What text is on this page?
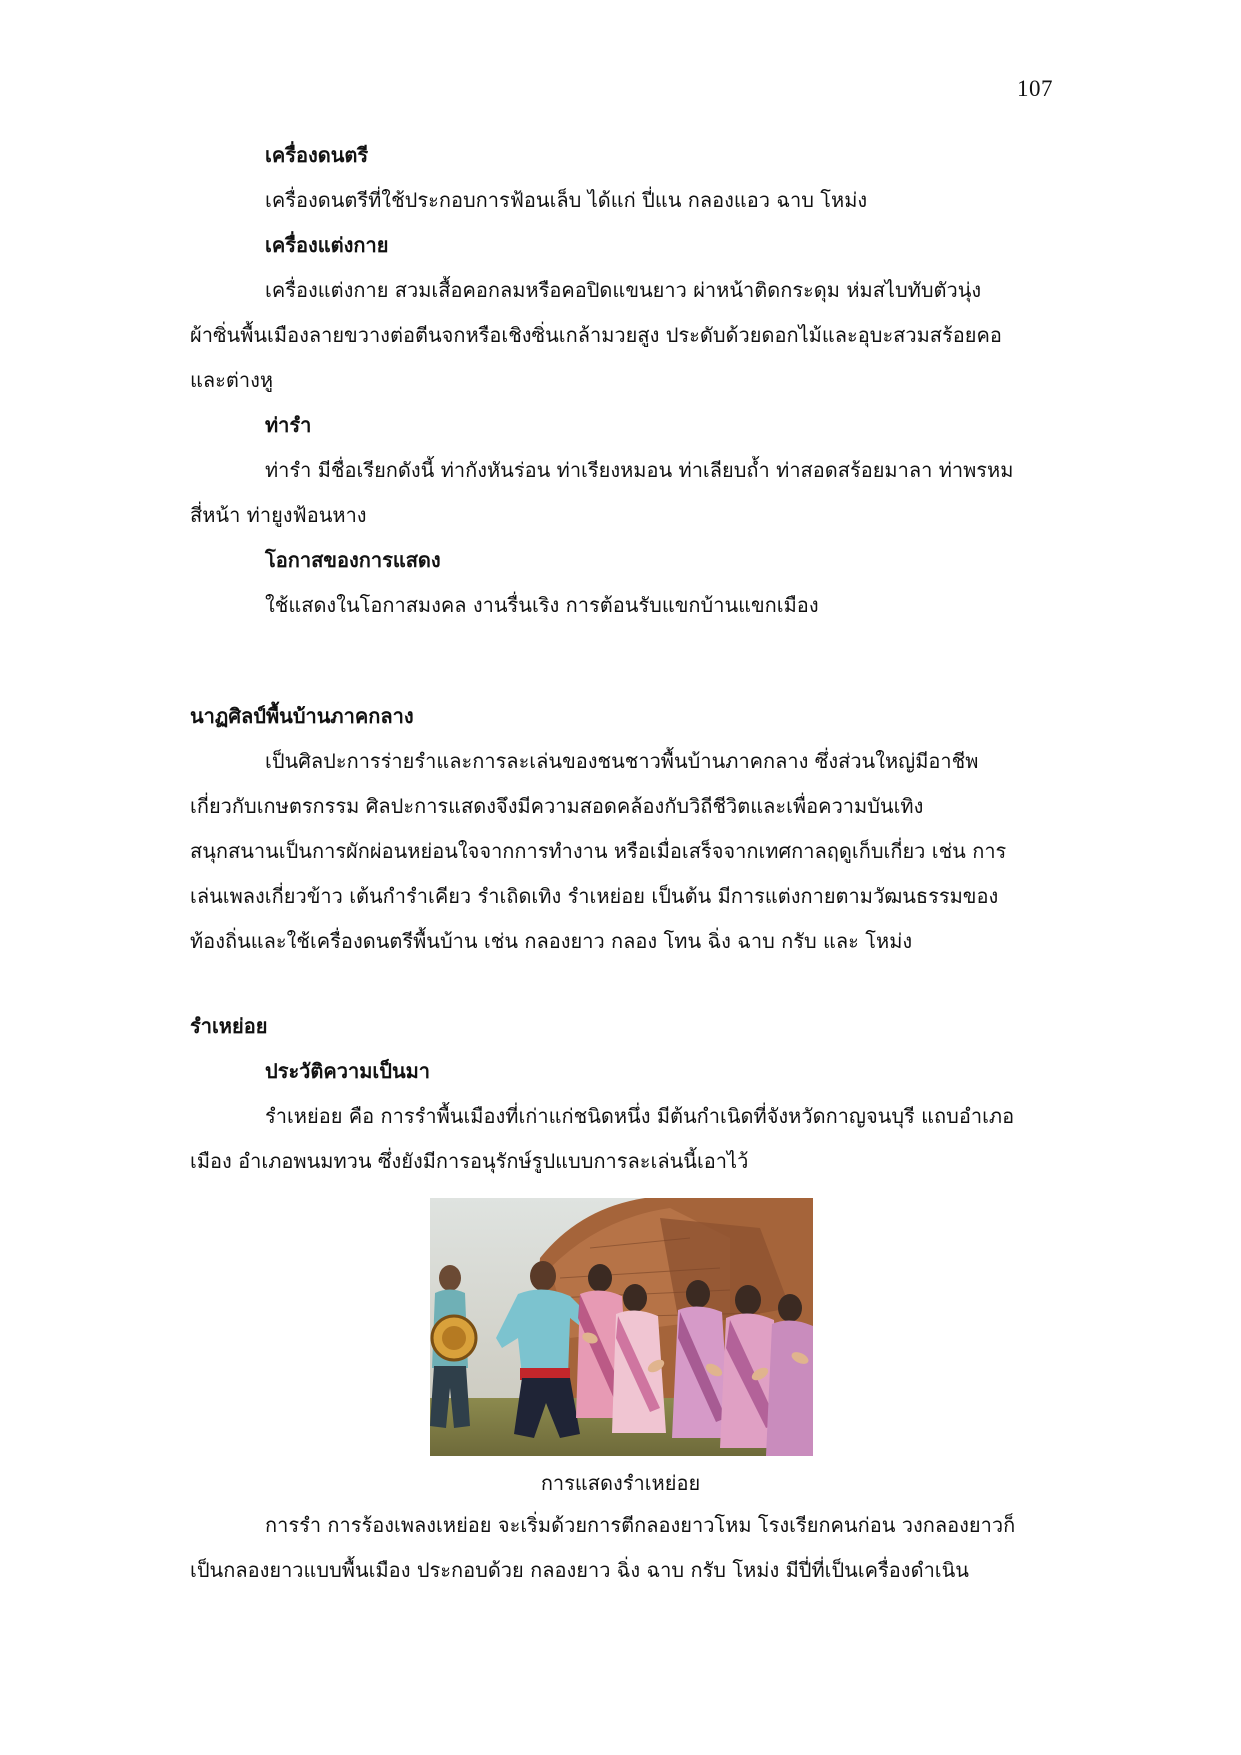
107
เครื่องดนตรี
เครื่องดนตรีที่ใช้ประกอบการฟ้อนเล็บ ได้แก่ ปี่แน กลองแอว ฉาบ โหม่ง
เครื่องแต่งกาย
เครื่องแต่งกาย สวมเสื้อคอกลมหรือคอปิดแขนยาว ผ่าหน้าติดกระดุม ห่มสไบทับตัวนุ่ง
ผ้าซิ่นพื้นเมืองลายขวางต่อตีนจกหรือเชิงซิ่นเกล้ามวยสูง ประดับด้วยดอกไม้และอุบะสวมสร้อยคอ
และต่างหู
ท่ารำ
ท่ารำ มีชื่อเรียกดังนี้ ท่ากังหันร่อน ท่าเรียงหมอน ท่าเลียบถ้ำ ท่าสอดสร้อยมาลา ท่าพรหม
สี่หน้า ท่ายูงฟ้อนหาง
โอกาสของการแสดง
ใช้แสดงในโอกาสมงคล งานรื่นเริง การต้อนรับแขกบ้านแขกเมือง
นาฏศิลป์พื้นบ้านภาคกลาง
เป็นศิลปะการร่ายรำและการละเล่นของชนชาวพื้นบ้านภาคกลาง ซึ่งส่วนใหญ่มีอาชีพ
เกี่ยวกับเกษตรกรรม ศิลปะการแสดงจึงมีความสอดคล้องกับวิถีชีวิตและเพื่อความบันเทิง
สนุกสนานเป็นการผักผ่อนหย่อนใจจากการทำงาน หรือเมื่อเสร็จจากเทศกาลฤดูเก็บเกี่ยว เช่น การ
เล่นเพลงเกี่ยวข้าว เต้นกำรำเคียว รำเถิดเทิง รำเหย่อย เป็นต้น มีการแต่งกายตามวัฒนธรรมของ
ท้องถิ่นและใช้เครื่องดนตรีพื้นบ้าน เช่น กลองยาว กลอง โทน ฉิ่ง ฉาบ กรับ และ โหม่ง
รำเหย่อย
ประวัติความเป็นมา
รำเหย่อย คือ การรำพื้นเมืองที่เก่าแก่ชนิดหนึ่ง มีต้นกำเนิดที่จังหวัดกาญจนบุรี แถบอำเภอ
เมือง อำเภอพนมทวน ซึ่งยังมีการอนุรักษ์รูปแบบการละเล่นนี้เอาไว้
การแสดงรำเหย่อย
การรำ การร้องเพลงเหย่อย จะเริ่มด้วยการตีกลองยาวโหม โรงเรียกคนก่อน วงกลองยาวก็
เป็นกลองยาวแบบพื้นเมือง ประกอบด้วย กลองยาว ฉิ่ง ฉาบ กรับ โหม่ง มีปี่ที่เป็นเครื่องดำเนิน
